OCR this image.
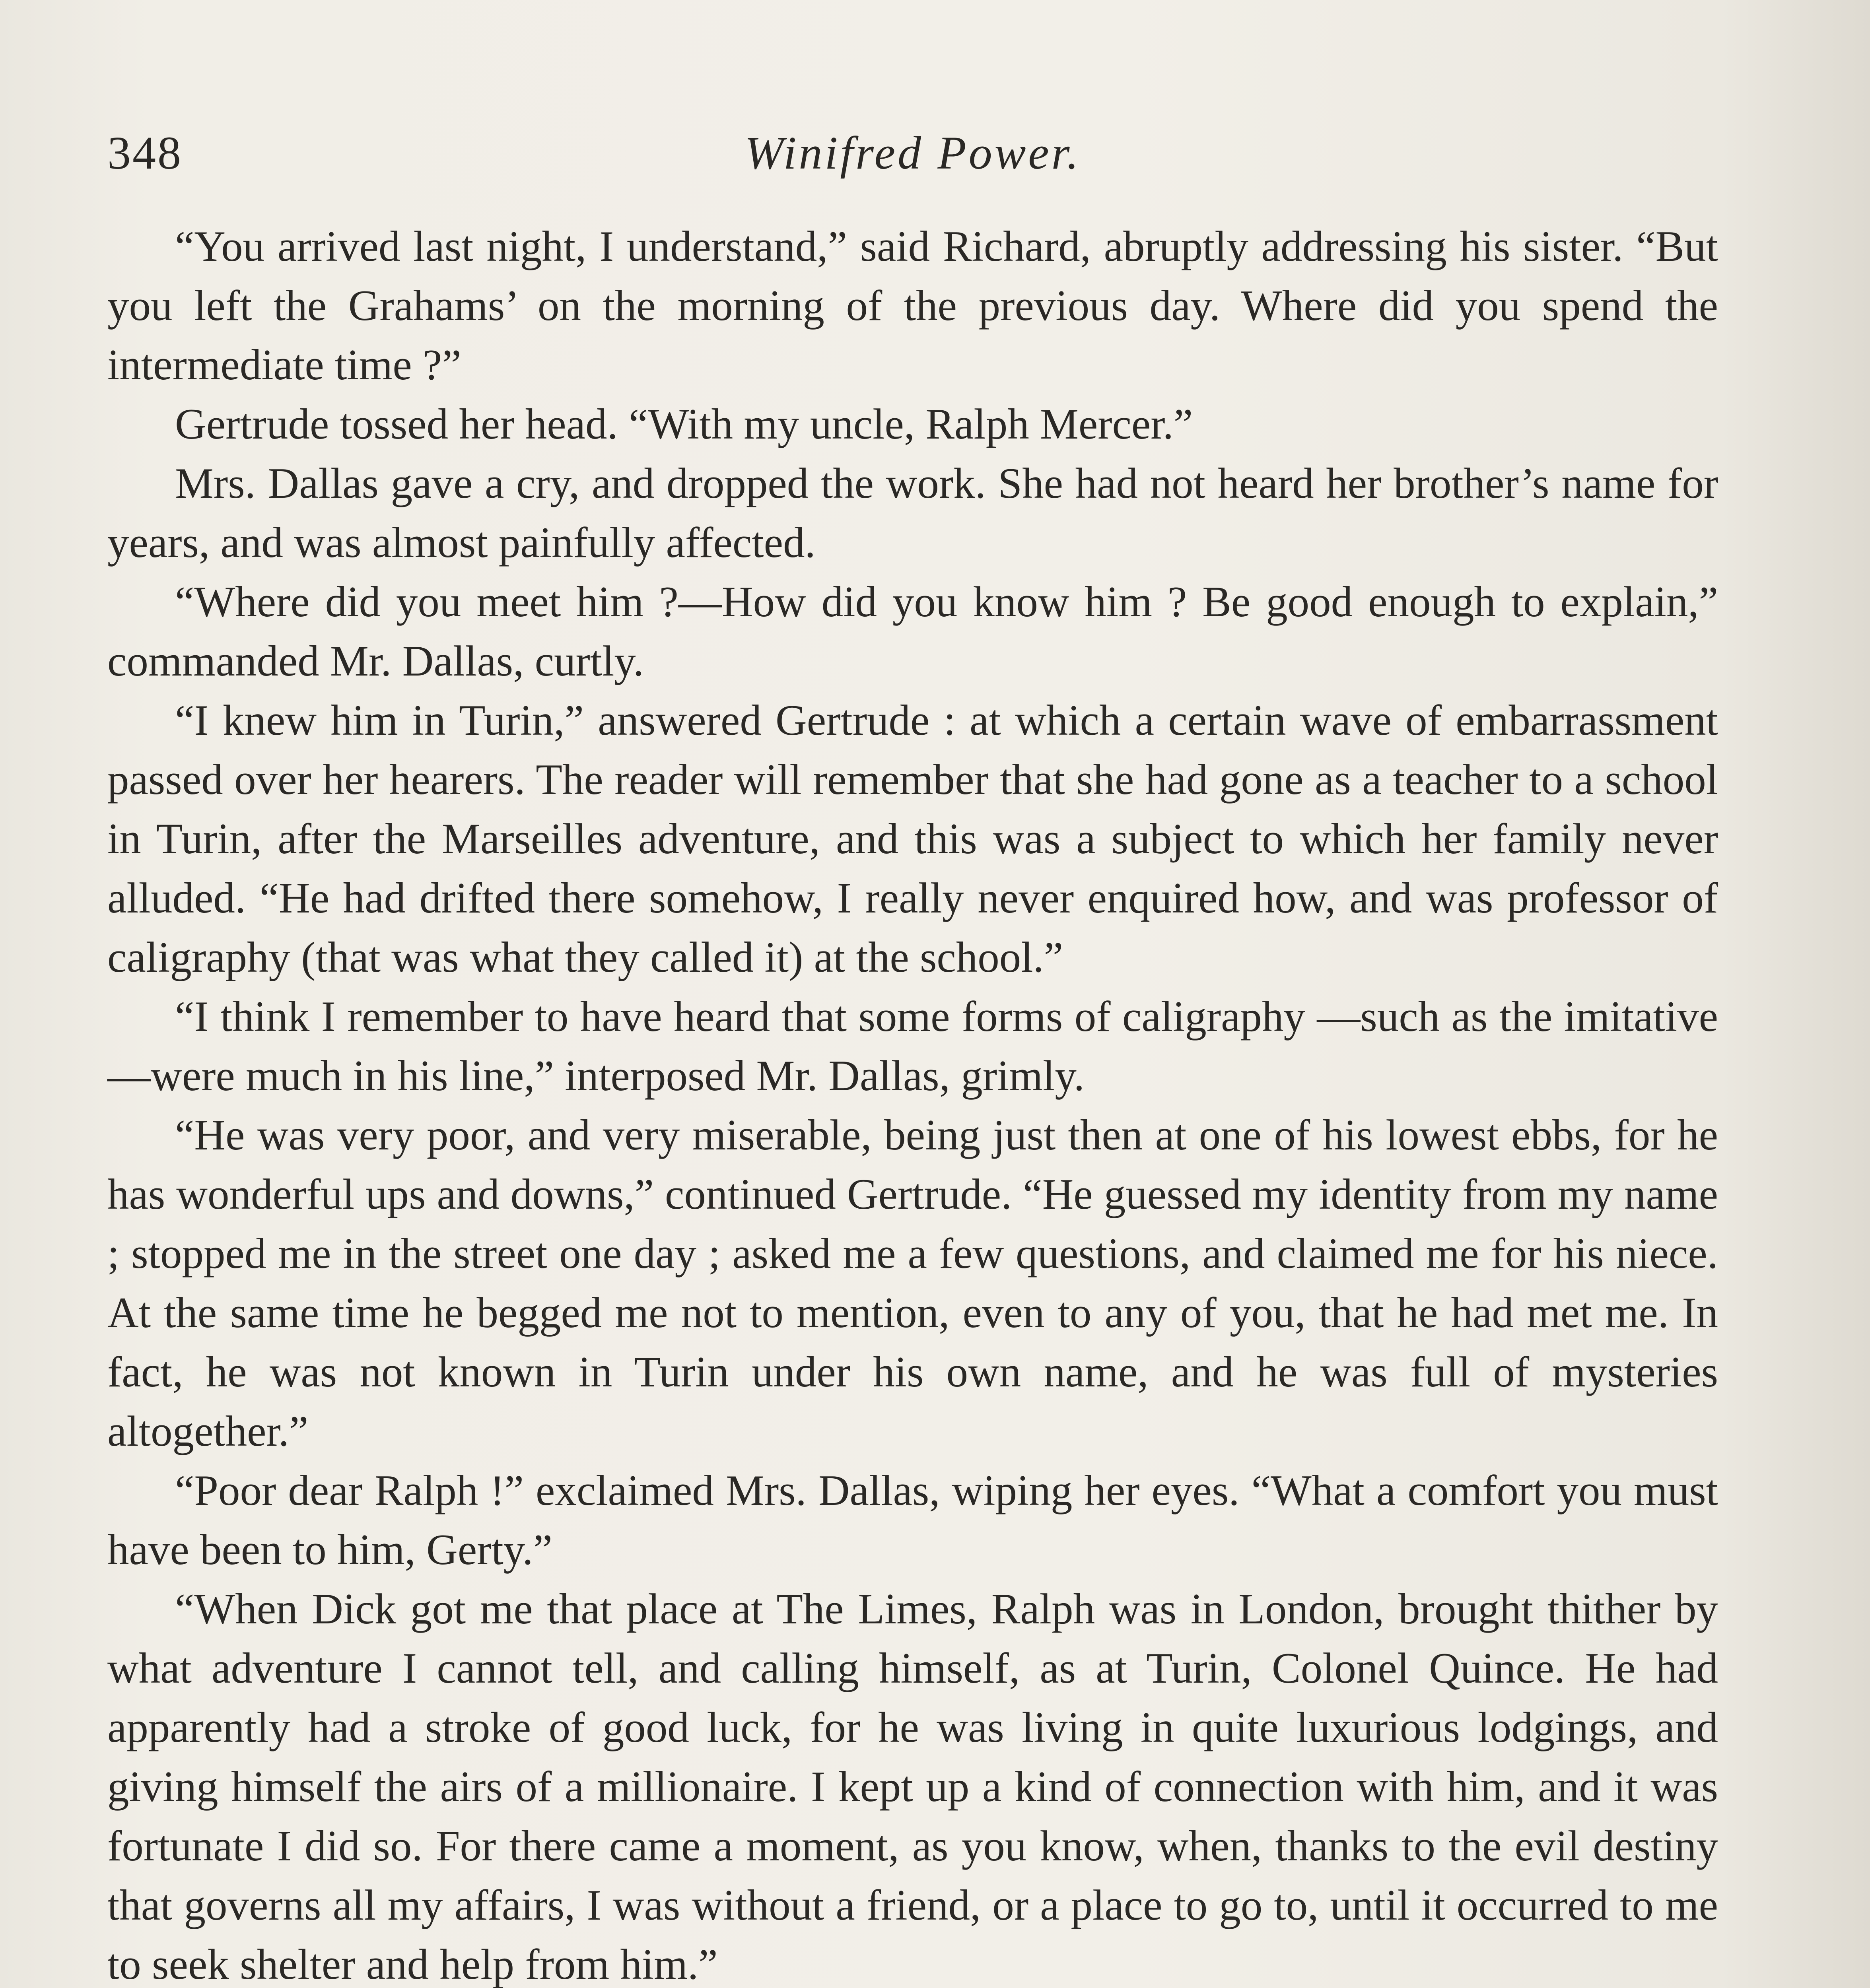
348	Winifred Power.

“You arrived last night, I understand,” said Richard, abruptly addressing his sister. “But you left the Grahams’ on the morning of the previous day. Where did you spend the intermediate time ?”

Gertrude tossed her head. “With my uncle, Ralph Mercer.”

Mrs. Dallas gave a cry, and dropped the work. She had not heard her brother’s name for years, and was almost painfully affected.

“Where did you meet him ?—How did you know him ? Be good enough to explain,” commanded Mr. Dallas, curtly.

“I knew him in Turin,” answered Gertrude : at which a certain wave of embarrassment passed over her hearers. The reader will remember that she had gone as a teacher to a school in Turin, after the Marseilles adventure, and this was a subject to which her family never alluded. “He had drifted there somehow, I really never enquired how, and was professor of caligraphy (that was what they called it) at the school.”

“I think I remember to have heard that some forms of caligraphy —such as the imitative—were much in his line,” interposed Mr. Dallas, grimly.

“He was very poor, and very miserable, being just then at one of his lowest ebbs, for he has wonderful ups and downs,” continued Gertrude. “He guessed my identity from my name ; stopped me in the street one day ; asked me a few questions, and claimed me for his niece. At the same time he begged me not to mention, even to any of you, that he had met me. In fact, he was not known in Turin under his own name, and he was full of mysteries altogether.”

“Poor dear Ralph !” exclaimed Mrs. Dallas, wiping her eyes. “What a comfort you must have been to him, Gerty.”

“When Dick got me that place at The Limes, Ralph was in London, brought thither by what adventure I cannot tell, and calling himself, as at Turin, Colonel Quince. He had apparently had a stroke of good luck, for he was living in quite luxurious lodgings, and giving himself the airs of a millionaire. I kept up a kind of connection with him, and it was fortunate I did so. For there came a moment, as you know, when, thanks to the evil destiny that governs all my affairs, I was without a friend, or a place to go to, until it occurred to me to seek shelter and help from him.”
